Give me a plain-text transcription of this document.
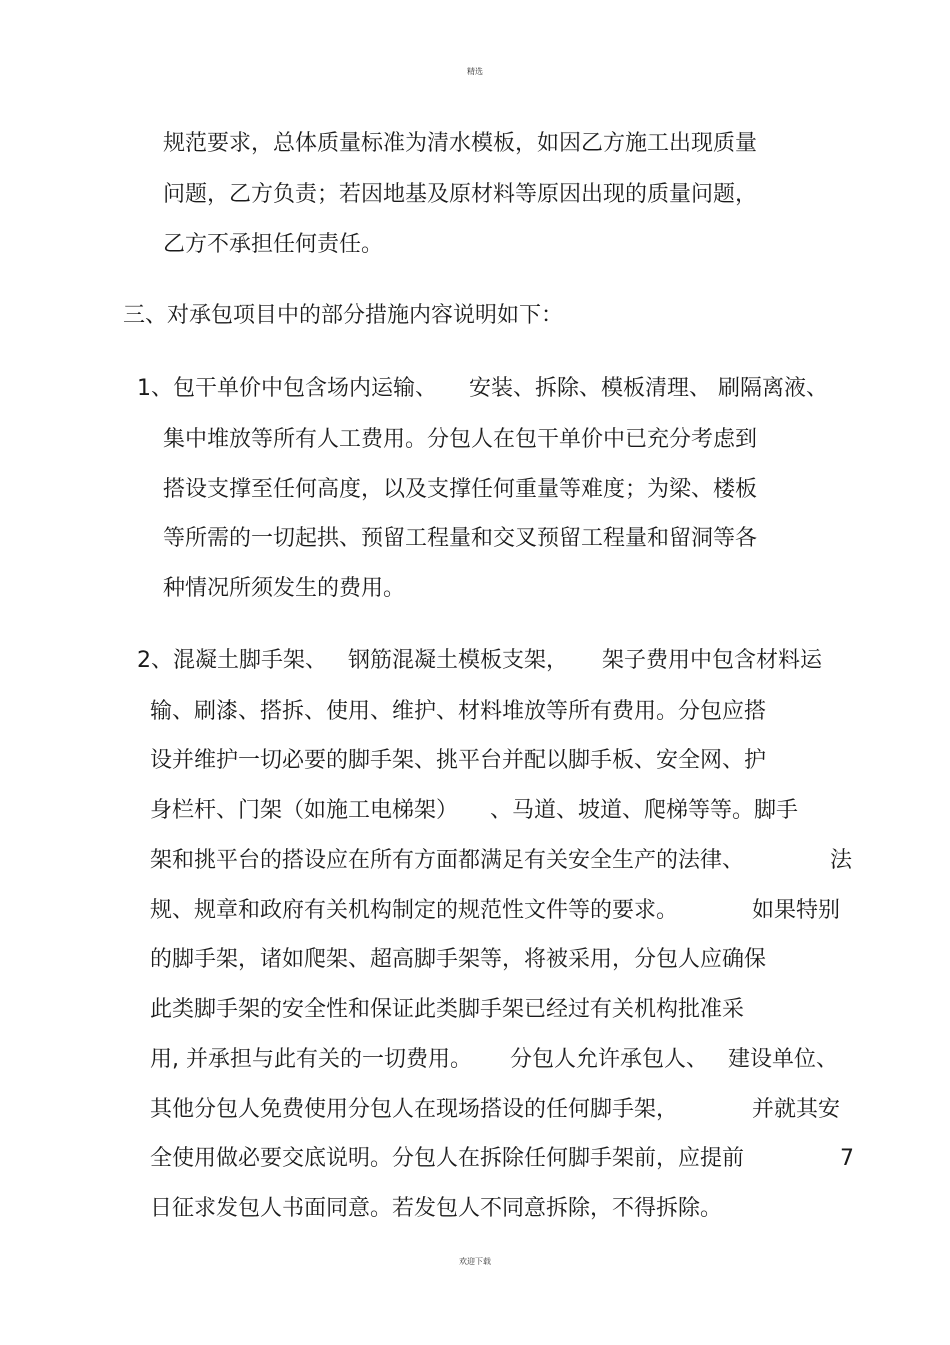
精选
规范要求，总体质量标准为清水模板，如因乙方施工出现质量
问题，乙方负责；若因地基及原材料等原因出现的质量问题，
乙方不承担任何责任。
三、对承包项目中的部分措施内容说明如下：
1、包干单价中包含场内运输、 安装、拆除、模板清理、 刷隔离液、
集中堆放等所有人工费用。分包人在包干单价中已充分考虑到
搭设支撑至任何高度，以及支撑任何重量等难度；为梁、楼板
等所需的一切起拱、预留工程量和交叉预留工程量和留洞等各
种情况所须发生的费用。
2、混凝土脚手架、 钢筋混凝土模板支架， 架子费用中包含材料运
输、刷漆、搭拆、使用、维护、材料堆放等所有费用。分包应搭
设并维护一切必要的脚手架、挑平台并配以脚手板、安全网、护
身栏杆、门架（如施工电梯架） 、马道、坡道、爬梯等等。脚手
架和挑平台的搭设应在所有方面都满足有关安全生产的法律、	法
规、规章和政府有关机构制定的规范性文件等的要求。	如果特别
的脚手架，诸如爬架、超高脚手架等，将被采用，分包人应确保
此类脚手架的安全性和保证此类脚手架已经过有关机构批准采
用, 并承担与此有关的一切费用。 分包人允许承包人、 建设单位、
其他分包人免费使用分包人在现场搭设的任何脚手架，	并就其安
全使用做必要交底说明。分包人在拆除任何脚手架前，应提前	7
日征求发包人书面同意。若发包人不同意拆除，不得拆除。
欢迎下载
